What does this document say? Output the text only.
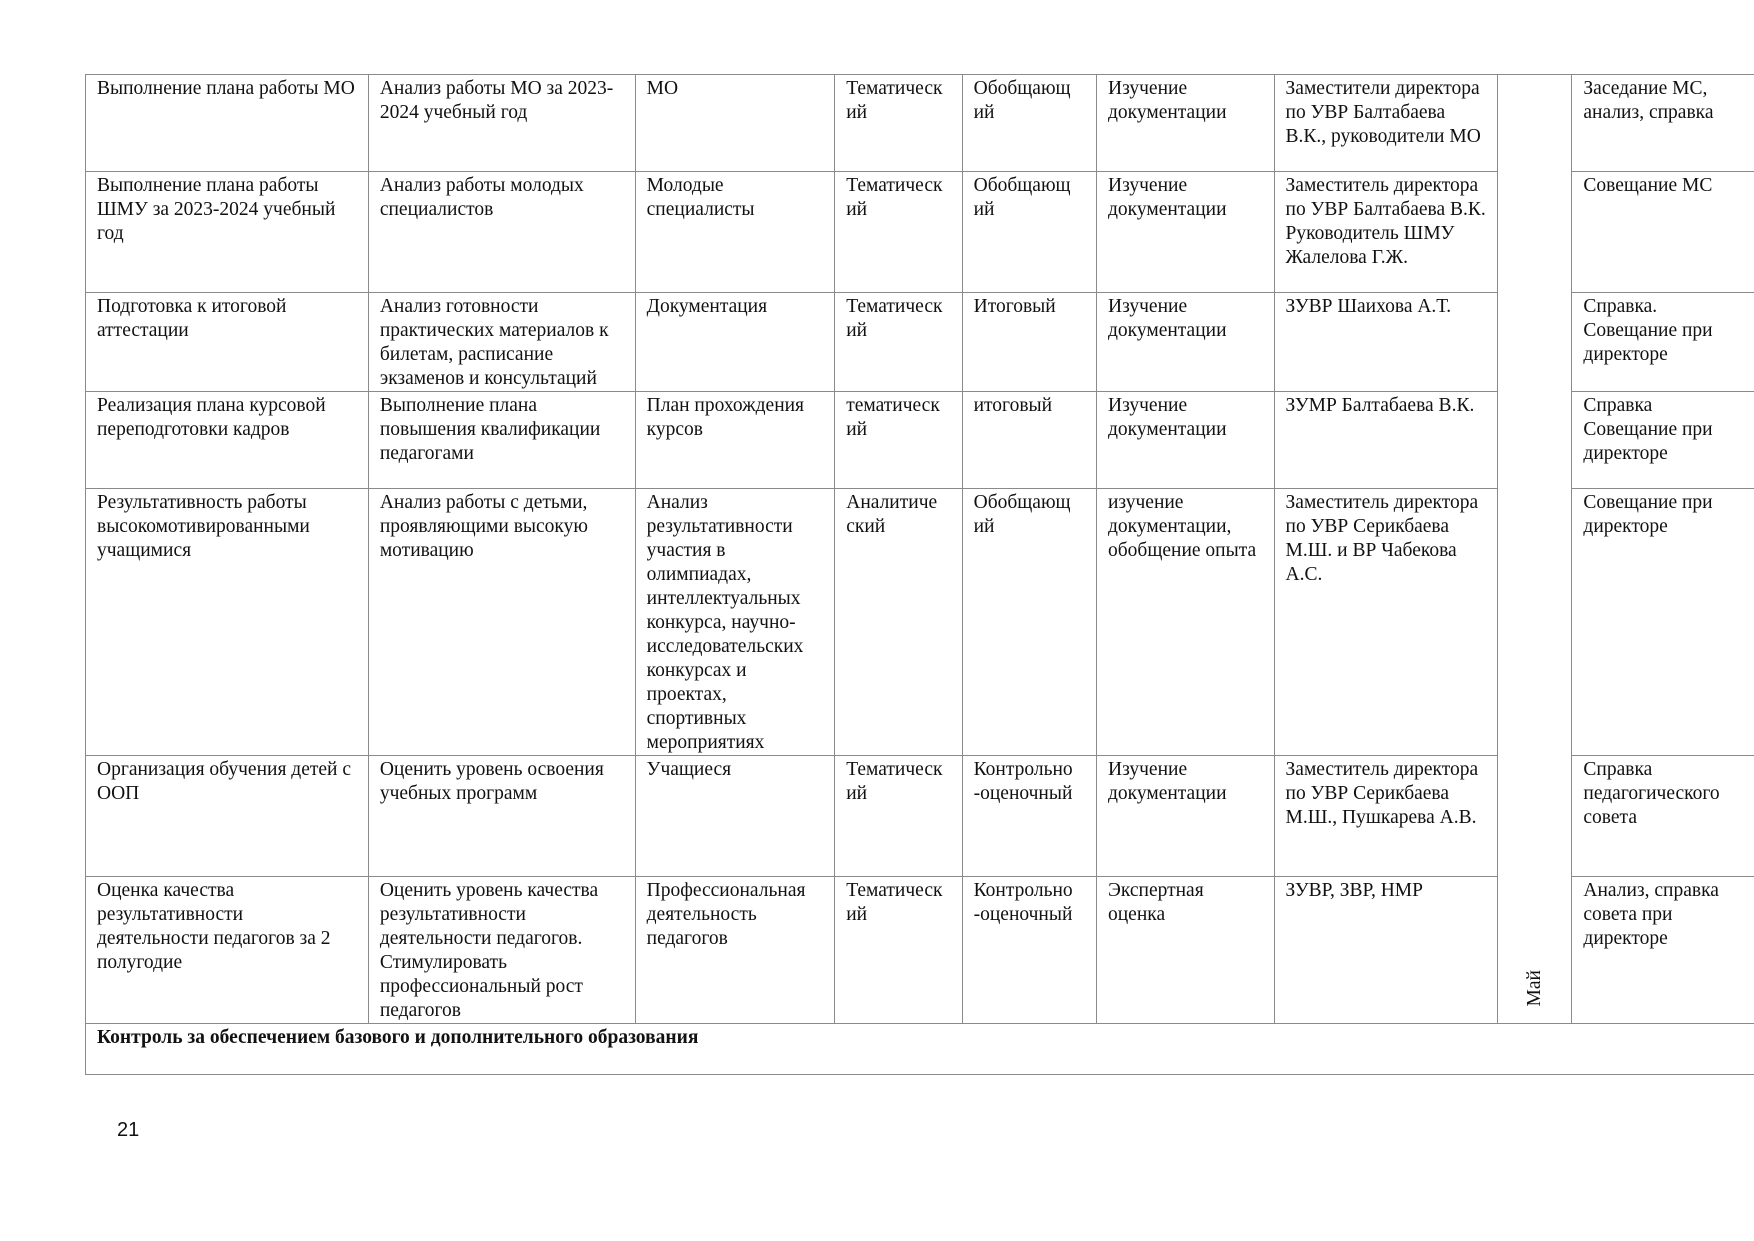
Выполнение плана работы МО	Анализ работы МО за 2023-2024 учебный год	МО	Тематическ ий	Обобщающ ий	Изучение документации	Заместители директора по УВР Балтабаева В.К., руководители МО	Май	Заседание МС, анализ, справка
Выполнение плана работы ШМУ за 2023-2024 учебный год	Анализ работы молодых специалистов	Молодые специалисты	Тематическ ий	Обобщающ ий	Изучение документации	Заместитель директора по УВР Балтабаева В.К. Руководитель ШМУ Жалелова Г.Ж.		Совещание МС
Подготовка к итоговой аттестации	Анализ готовности практических материалов к билетам, расписание экзаменов и консультаций	Документация	Тематическ ий	Итоговый	Изучение документации	ЗУВР Шаихова А.Т.		Справка. Совещание при директоре
Реализация плана курсовой переподготовки кадров	Выполнение плана повышения квалификации педагогами	План прохождения курсов	тематическ ий	итоговый	Изучение документации	ЗУМР Балтабаева В.К.		Справка Совещание при директоре
Результативность работы высокомотивированными учащимися	Анализ работы с детьми, проявляющими высокую мотивацию	Анализ результативности участия в олимпиадах, интеллектуальных конкурса, научно-исследовательских конкурсах и проектах, спортивных мероприятиях	Аналитиче ский	Обобщающ ий	изучение документации, обобщение опыта	Заместитель директора по УВР Серикбаева М.Ш. и ВР Чабекова А.С.		Совещание при директоре
Организация обучения детей с ООП	Оценить уровень освоения учебных программ	Учащиеся	Тематическ ий	Контрольно -оценочный	Изучение документации	Заместитель директора по УВР Серикбаева М.Ш., Пушкарева А.В.		Справка педагогического совета
Оценка качества результативности деятельности педагогов за 2 полугодие	Оценить уровень качества результативности деятельности педагогов. Стимулировать профессиональный рост педагогов	Профессиональная деятельность педагогов	Тематическ ий	Контрольно -оценочный	Экспертная оценка	ЗУВР, ЗВР, НМР		Анализ, справка совета при директоре
Контроль за обеспечением базового и дополнительного образования								
21
